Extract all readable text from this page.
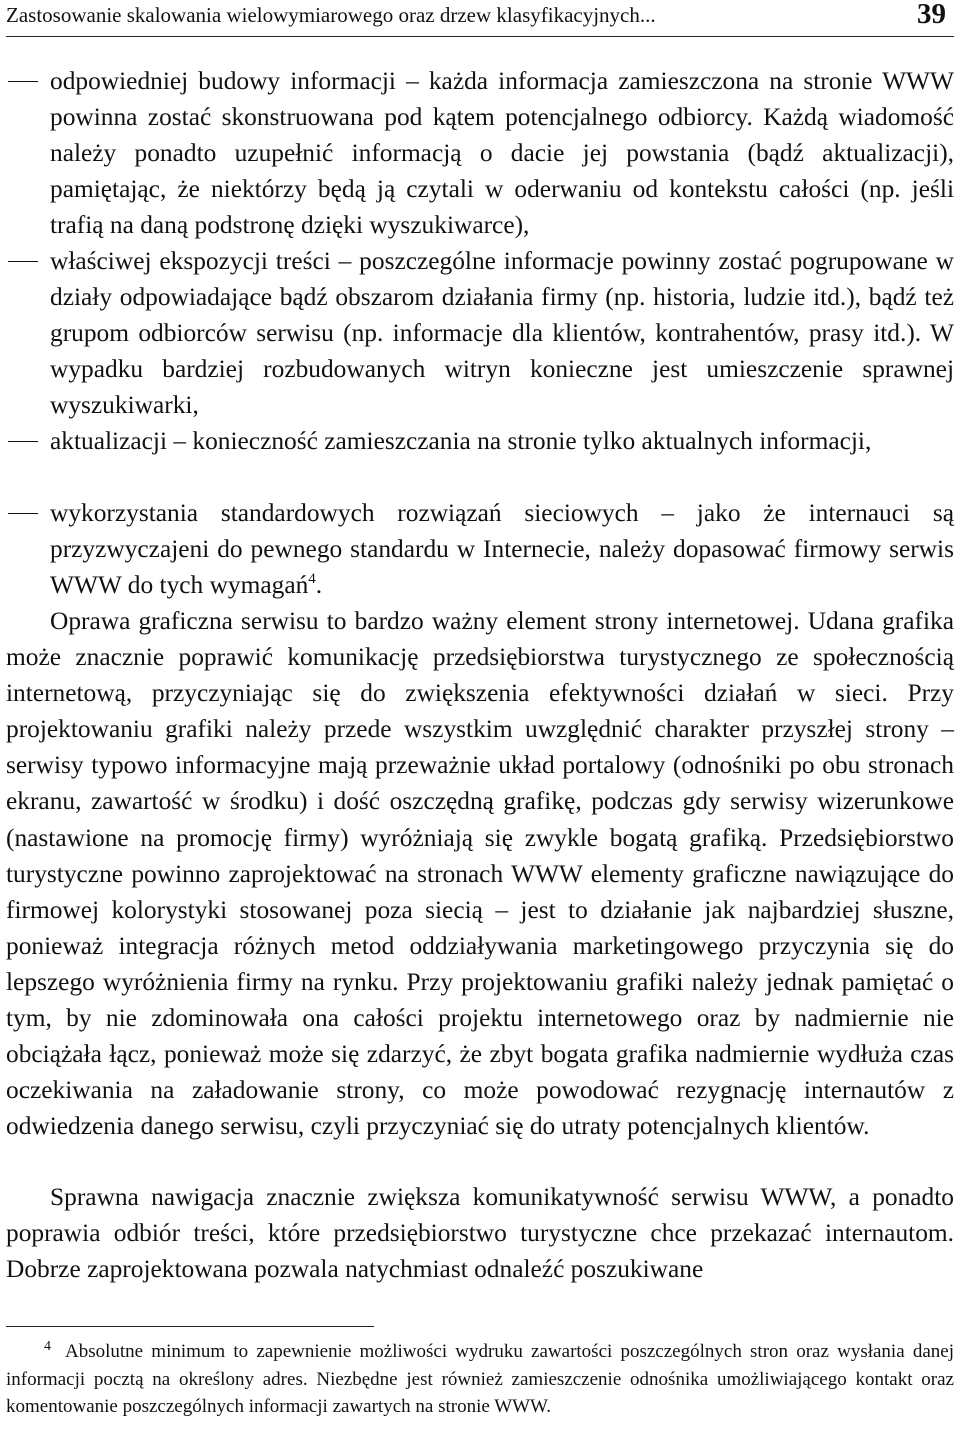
Zastosowanie skalowania wielowymiarowego oraz drzew klasyfikacyjnych...	39
odpowiedniej budowy informacji – każda informacja zamieszczona na stronie WWW powinna zostać skonstruowana pod kątem potencjalnego odbiorcy. Każdą wiadomość należy ponadto uzupełnić informacją o dacie jej powstania (bądź aktualizacji), pamiętając, że niektórzy będą ją czytali w oderwaniu od kontekstu całości (np. jeśli trafią na daną podstronę dzięki wyszukiwarce),
właściwej ekspozycji treści – poszczególne informacje powinny zostać pogrupowane w działy odpowiadające bądź obszarom działania firmy (np. historia, ludzie itd.), bądź też grupom odbiorców serwisu (np. informacje dla klientów, kontrahentów, prasy itd.). W wypadku bardziej rozbudowanych witryn konieczne jest umieszczenie sprawnej wyszukiwarki,
aktualizacji – konieczność zamieszczania na stronie tylko aktualnych informacji,
wykorzystania standardowych rozwiązań sieciowych – jako że internauci są przyzwyczajeni do pewnego standardu w Internecie, należy dopasować firmowy serwis WWW do tych wymagań$^4$.
Oprawa graficzna serwisu to bardzo ważny element strony internetowej. Udana grafika może znacznie poprawić komunikację przedsiębiorstwa turystycznego ze społecznością internetową, przyczyniając się do zwiększenia efektywności działań w sieci. Przy projektowaniu grafiki należy przede wszystkim uwzględnić charakter przyszłej strony – serwisy typowo informacyjne mają przeważnie układ portalowy (odnośniki po obu stronach ekranu, zawartość w środku) i dość oszczędną grafikę, podczas gdy serwisy wizerunkowe (nastawione na promocję firmy) wyróżniają się zwykle bogatą grafiką. Przedsiębiorstwo turystyczne powinno zaprojektować na stronach WWW elementy graficzne nawiązujące do firmowej kolorystyki stosowanej poza siecią – jest to działanie jak najbardziej słuszne, ponieważ integracja różnych metod oddziaływania marketingowego przyczynia się do lepszego wyróżnienia firmy na rynku. Przy projektowaniu grafiki należy jednak pamiętać o tym, by nie zdominowała ona całości projektu internetowego oraz by nadmiernie nie obciążała łącz, ponieważ może się zdarzyć, że zbyt bogata grafika nadmiernie wydłuża czas oczekiwania na załadowanie strony, co może powodować rezygnację internautów z odwiedzenia danego serwisu, czyli przyczyniać się do utraty potencjalnych klientów.
Sprawna nawigacja znacznie zwiększa komunikatywność serwisu WWW, a ponadto poprawia odbiór treści, które przedsiębiorstwo turystyczne chce przekazać internautom. Dobrze zaprojektowana pozwala natychmiast odnaleźć poszukiwane
$^4$ Absolutne minimum to zapewnienie możliwości wydruku zawartości poszczególnych stron oraz wysłania danej informacji pocztą na określony adres. Niezbędne jest również zamieszczenie odnośnika umożliwiającego kontakt oraz komentowanie poszczególnych informacji zawartych na stronie WWW.
